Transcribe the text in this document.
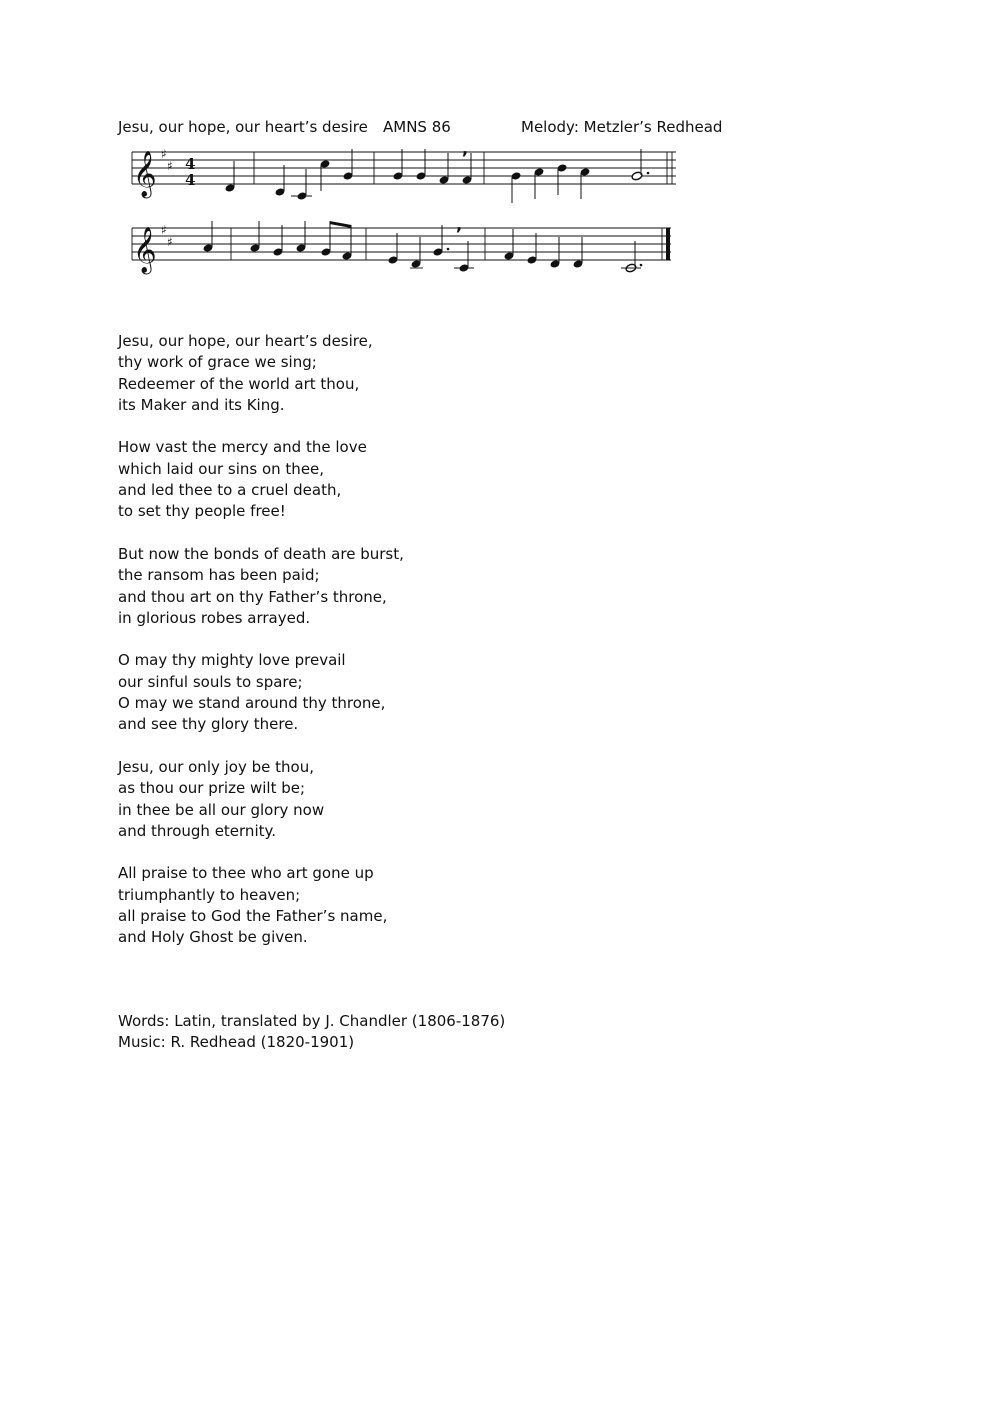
Jesu, our hope, our heart’s desire AMNS 86	Melody: Metzler’s Redhead
𝄞 ♯
♯ 4
4
,
𝄞 ♯
♯
,
Jesu, our hope, our heart’s desire,
thy work of grace we sing;
Redeemer of the world art thou,
its Maker and its King.
How vast the mercy and the love
which laid our sins on thee,
and led thee to a cruel death,
to set thy people free!
But now the bonds of death are burst,
the ransom has been paid;
and thou art on thy Father’s throne,
in glorious robes arrayed.
O may thy mighty love prevail
our sinful souls to spare;
O may we stand around thy throne,
and see thy glory there.
Jesu, our only joy be thou,
as thou our prize wilt be;
in thee be all our glory now
and through eternity.
All praise to thee who art gone up
triumphantly to heaven;
all praise to God the Father’s name,
and Holy Ghost be given.
Words: Latin, translated by J. Chandler (1806-1876)
Music: R. Redhead (1820-1901)
